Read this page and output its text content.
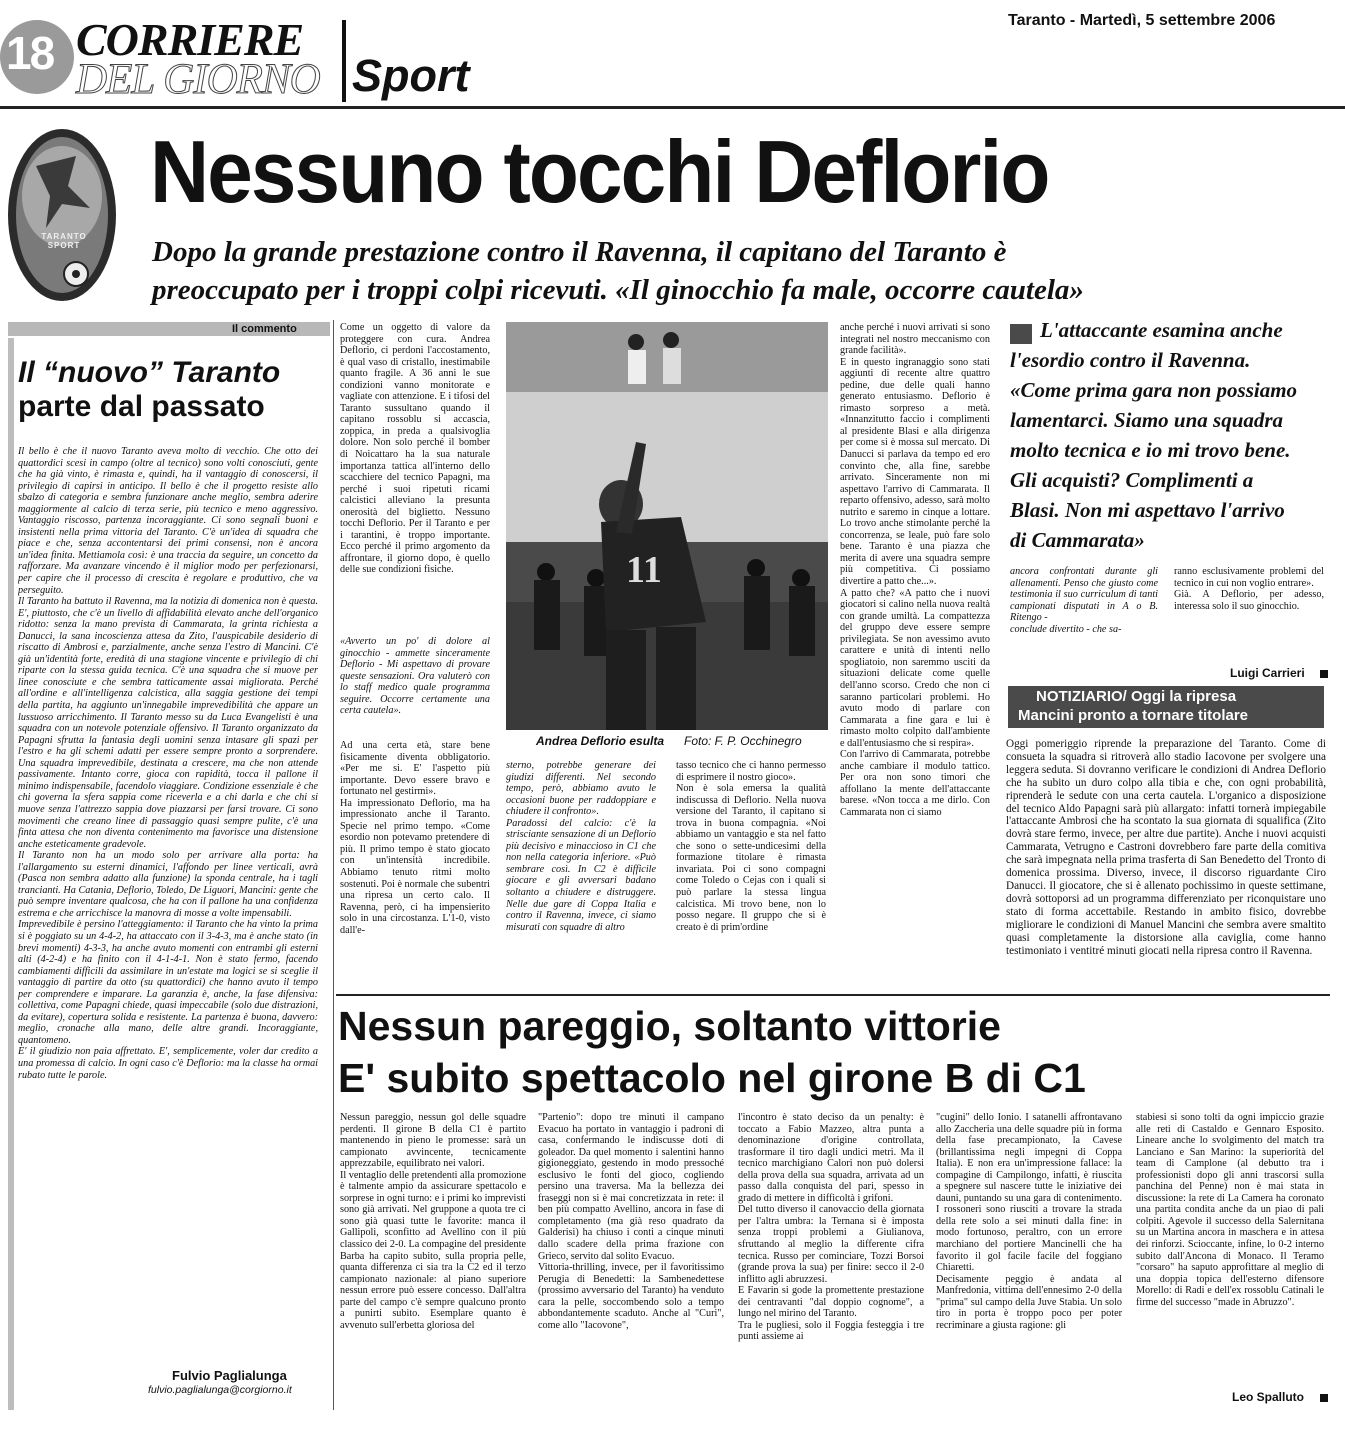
18 CORRIERE
DEL GIORNO Sport
Taranto - Martedì, 5 settembre 2006
TARANTO SPORT
Nessuno tocchi Deflorio
Dopo la grande prestazione contro il Ravenna, il capitano del Taranto è
preoccupato per i troppi colpi ricevuti. «Il ginocchio fa male, occorre cautela»
Il commento
Il “nuovo” Taranto
parte dal passato
Il bello è che il nuovo Taranto aveva molto di vecchio. Che otto dei quattordici scesi in campo (oltre al tecnico) sono volti conosciuti, gente che ha già vinto, è rimasta e, quindi, ha il vantaggio di conoscersi, il privilegio di capirsi in anticipo. Il bello è che il progetto resiste allo sbalzo di categoria e sembra funzionare anche meglio, sembra aderire maggiormente al calcio di terza serie, più tecnico e meno aggressivo. Vantaggio riscosso, partenza incoraggiante. Ci sono segnali buoni e insistenti nella prima vittoria del Taranto. C'è un'idea di squadra che piace e che, senza accontentarsi dei primi consensi, non è ancora un'idea finita. Mettiamola così: è una traccia da seguire, un concetto da rafforzare. Ma avanzare vincendo è il miglior modo per perfezionarsi, per capire che il processo di crescita è regolare e produttivo, che va perseguito.
Il Taranto ha battuto il Ravenna, ma la notizia di domenica non è questa. E', piuttosto, che c'è un livello di affidabilità elevato anche dell'organico ridotto: senza la mano prevista di Cammarata, la grinta richiesta a Danucci, la sana incoscienza attesa da Zito, l'auspicabile desiderio di riscatto di Ambrosi e, parzialmente, anche senza l'estro di Mancini. C'è già un'identità forte, eredità di una stagione vincente e privilegio di chi riparte con la stessa guida tecnica. C'è una squadra che si muove per linee conosciute e che sembra tatticamente assai migliorata. Perché all'ordine e all'intelligenza calcistica, alla saggia gestione dei tempi della partita, ha aggiunto un'innegabile imprevedibilità che appare un lussuoso arricchimento. Il Taranto messo su da Luca Evangelisti è una squadra con un notevole potenziale offensivo. Il Taranto organizzato da Papagni sfrutta la fantasia degli uomini senza intasare gli spazi per l'estro e ha gli schemi adatti per essere sempre pronto a sorprendere. Una squadra imprevedibile, destinata a crescere, ma che non attende passivamente. Intanto corre, gioca con rapidità, tocca il pallone il minimo indispensabile, facendolo viaggiare. Condizione essenziale è che chi governa la sfera sappia come riceverla e a chi darla e che chi si muove senza l'attrezzo sappia dove piazzarsi per farsi trovare. Ci sono movimenti che creano linee di passaggio quasi sempre pulite, c'è una finta attesa che non diventa contenimento ma favorisce una distensione anche esteticamente gradevole.
Il Taranto non ha un modo solo per arrivare alla porta: ha l'allargamento su esterni dinamici, l'affondo per linee verticali, avrà (Pasca non sembra adatto alla funzione) la sponda centrale, ha i tagli trancianti. Ha Catania, Deflorio, Toledo, De Liguori, Mancini: gente che può sempre inventare qualcosa, che ha con il pallone ha una confidenza estrema e che arricchisce la manovra di mosse a volte impensabili.
Imprevedibile è persino l'atteggiamento: il Taranto che ha vinto la prima si è poggiato su un 4-4-2, ha attaccato con il 3-4-3, ma è anche stato (in brevi momenti) 4-3-3, ha anche avuto momenti con entrambi gli esterni alti (4-2-4) e ha finito con il 4-1-4-1. Non è stato fermo, facendo cambiamenti difficili da assimilare in un'estate ma logici se si sceglie il vantaggio di partire da otto (su quattordici) che hanno avuto il tempo per comprendere e imparare. La garanzia è, anche, la fase difensiva: collettiva, come Papagni chiede, quasi impeccabile (solo due distrazioni, da evitare), copertura solida e resistente. La partenza è buona, davvero: meglio, cronache alla mano, delle altre grandi. Incoraggiante, quantomeno.
E' il giudizio non paia affrettato. E', semplicemente, voler dar credito a una promessa di calcio. In ogni caso c'è Deflorio: ma la classe ha ormai rubato tutte le parole.
Fulvio Paglialunga
fulvio.paglialunga@corgiorno.it
Come un oggetto di valore da proteggere con cura. Andrea Deflorio, ci perdoni l'accostamento, è qual vaso di cristallo, inestimabile quanto fragile. A 36 anni le sue condizioni vanno monitorate e vagliate con attenzione. E i tifosi del Taranto sussultano quando il capitano rossoblu si accascia, zoppica, in preda a qualsivoglia dolore. Non solo perché il bomber di Noicattaro ha la sua naturale importanza tattica all'interno dello scacchiere del tecnico Papagni, ma perché i suoi ripetuti ricami calcistici alleviano la presunta onerosità del biglietto. Nessuno tocchi Deflorio. Per il Taranto e per i tarantini, è troppo importante. Ecco perché il primo argomento da affrontare, il giorno dopo, è quello delle sue condizioni fisiche.
«Avverto un po' di dolore al ginocchio - ammette sinceramente Deflorio - Mi aspettavo di provare queste sensazioni. Ora valuterò con lo staff medico quale programma seguire. Occorre certamente una certa cautela».
Ad una certa età, stare bene fisicamente diventa obbligatorio. «Per me si. E' l'aspetto più importante. Devo essere bravo e fortunato nel gestirmi».
Ha impressionato Deflorio, ma ha impressionato anche il Taranto. Specie nel primo tempo. «Come esordio non potevamo pretendere di più. Il primo tempo è stato giocato con un'intensità incredibile. Abbiamo tenuto ritmi molto sostenuti. Poi è normale che subentri una ripresa un certo calo. Il Ravenna, però, ci ha impensierito solo in una circostanza. L'1-0, visto dall'e-
11
Andrea Deflorio esulta Foto: F. P. Occhinegro
sterno, potrebbe generare dei giudizi differenti. Nel secondo tempo, però, abbiamo avuto le occasioni buone per raddoppiare e chiudere il confronto».
Paradossi del calcio: c'è la strisciante sensazione di un Deflorio più decisivo e minaccioso in C1 che non nella categoria inferiore. «Può sembrare così. In C2 è difficile giocare e gli avversari badano soltanto a chiudere e distruggere. Nelle due gare di Coppa Italia e contro il Ravenna, invece, ci siamo misurati con squadre di altro
tasso tecnico che ci hanno permesso di esprimere il nostro gioco».
Non è sola emersa la qualità indiscussa di Deflorio. Nella nuova versione del Taranto, il capitano si trova in buona compagnia. «Noi abbiamo un vantaggio e sta nel fatto che sono o sette-undicesimi della formazione titolare è rimasta invariata. Poi ci sono compagni come Toledo o Cejas con i quali si può parlare la stessa lingua calcistica. Mi trovo bene, non lo posso negare. Il gruppo che si è creato è di prim'ordine
anche perché i nuovi arrivati si sono integrati nel nostro meccanismo con grande facilità».
E in questo ingranaggio sono stati aggiunti di recente altre quattro pedine, due delle quali hanno generato entusiasmo. Deflorio è rimasto sorpreso a metà. «Innanzitutto faccio i complimenti al presidente Blasi e alla dirigenza per come si è mossa sul mercato. Di Danucci si parlava da tempo ed ero convinto che, alla fine, sarebbe arrivato. Sinceramente non mi aspettavo l'arrivo di Cammarata. Il reparto offensivo, adesso, sarà molto nutrito e saremo in cinque a lottare. Lo trovo anche stimolante perché la concorrenza, se leale, può fare solo bene. Taranto è una piazza che merita di avere una squadra sempre più competitiva. Ci possiamo divertire a patto che...».
A patto che? «A patto che i nuovi giocatori si calino nella nuova realtà con grande umiltà. La compattezza del gruppo deve essere sempre privilegiata. Se non avessimo avuto carattere e unità di intenti nello spogliatoio, non saremmo usciti da situazioni delicate come quelle dell'anno scorso. Credo che non ci saranno particolari problemi. Ho avuto modo di parlare con Cammarata a fine gara e lui è rimasto molto colpito dall'ambiente e dall'entusiasmo che si respira».
Con l'arrivo di Cammarata, potrebbe anche cambiare il modulo tattico. Per ora non sono timori che affollano la mente dell'attaccante barese. «Non tocca a me dirlo. Con Cammarata non ci siamo
L'attaccante esamina anche
l'esordio contro il Ravenna.
«Come prima gara non possiamo
lamentarci. Siamo una squadra
molto tecnica e io mi trovo bene.
Gli acquisti? Complimenti a
Blasi. Non mi aspettavo l'arrivo
di Cammarata»
ancora confrontati durante gli allenamenti. Penso che giusto come testimonia il suo curriculum di tanti campionati disputati in A o B. Ritengo -
conclude divertito - che sa-
ranno esclusivamente problemi del tecnico in cui non voglio entrare».
Già. A Deflorio, per adesso, interessa solo il suo ginocchio.
Luigi Carrieri
NOTIZIARIO/ Oggi la ripresa
Mancini pronto a tornare titolare
Oggi pomeriggio riprende la preparazione del Taranto. Come di consueta la squadra si ritroverà allo stadio Iacovone per svolgere una leggera seduta. Si dovranno verificare le condizioni di Andrea Deflorio che ha subito un duro colpo alla tibia e che, con ogni probabilità, riprenderà le sedute con una certa cautela. L'organico a disposizione del tecnico Aldo Papagni sarà più allargato: infatti tornerà impiegabile l'attaccante Ambrosi che ha scontato la sua giornata di squalifica (Zito dovrà stare fermo, invece, per altre due partite). Anche i nuovi acquisti Cammarata, Vetrugno e Castroni dovrebbero fare parte della comitiva che sarà impegnata nella prima trasferta di San Benedetto del Tronto di domenica prossima. Diverso, invece, il discorso riguardante Ciro Danucci. Il giocatore, che si è allenato pochissimo in queste settimane, dovrà sottoporsi ad un programma differenziato per riconquistare uno stato di forma accettabile. Restando in ambito fisico, dovrebbe migliorare le condizioni di Manuel Mancini che sembra avere smaltito quasi completamente la distorsione alla caviglia, come hanno testimoniato i ventitré minuti giocati nella ripresa contro il Ravenna.
Nessun pareggio, soltanto vittorie
E' subito spettacolo nel girone B di C1
Nessun pareggio, nessun gol delle squadre perdenti. Il girone B della C1 è partito mantenendo in pieno le promesse: sarà un campionato avvincente, tecnicamente apprezzabile, equilibrato nei valori.
Il ventaglio delle pretendenti alla promozione è talmente ampio da assicurare spettacolo e sorprese in ogni turno: e i primi ko imprevisti sono già arrivati. Nel gruppone a quota tre ci sono già quasi tutte le favorite: manca il Gallipoli, sconfitto ad Avellino con il più classico dei 2-0. La compagine del presidente Barba ha capito subito, sulla propria pelle, quanta differenza ci sia tra la C2 ed il terzo campionato nazionale: al piano superiore nessun errore può essere concesso. Dall'altra parte del campo c'è sempre qualcuno pronto a punirti subito. Esemplare quanto è avvenuto sull'erbetta gloriosa del
"Partenio": dopo tre minuti il campano Evacuo ha portato in vantaggio i padroni di casa, confermando le indiscusse doti di goleador. Da quel momento i salentini hanno gigioneggiato, gestendo in modo pressoché esclusivo le fonti del gioco, cogliendo persino una traversa. Ma la bellezza dei fraseggi non si è mai concretizzata in rete: il ben più compatto Avellino, ancora in fase di completamento (ma già reso quadrato da Galderisi) ha chiuso i conti a cinque minuti dallo scadere della prima frazione con Grieco, servito dal solito Evacuo.
Vittoria-thrilling, invece, per il favoritissimo Perugia di Benedetti: la Sambenedettese (prossimo avversario del Taranto) ha venduto cara la pelle, soccombendo solo a tempo abbondantemente scaduto. Anche al "Curi", come allo "Iacovone",
l'incontro è stato deciso da un penalty: è toccato a Fabio Mazzeo, altra punta a denominazione d'origine controllata, trasformare il tiro dagli undici metri. Ma il tecnico marchigiano Calori non può dolersi della prova della sua squadra, arrivata ad un passo dalla conquista del pari, spesso in grado di mettere in difficoltà i grifoni.
Del tutto diverso il canovaccio della giornata per l'altra umbra: la Ternana si è imposta senza troppi problemi a Giulianova, sfruttando al meglio la differente cifra tecnica. Russo per cominciare, Tozzi Borsoi (grande prova la sua) per finire: secco il 2-0 inflitto agli abruzzesi.
E Favarin si gode la promettente prestazione dei centravanti "dal doppio cognome", a lungo nel mirino del Taranto.
Tra le pugliesi, solo il Foggia festeggia i tre punti assieme ai
"cugini" dello Ionio. I satanelli affrontavano allo Zaccheria una delle squadre più in forma della fase precampionato, la Cavese (brillantissima negli impegni di Coppa Italia). E non era un'impressione fallace: la compagine di Campilongo, infatti, è riuscita a spegnere sul nascere tutte le iniziative dei dauni, puntando su una gara di contenimento. I rossoneri sono riusciti a trovare la strada della rete solo a sei minuti dalla fine: in modo fortunoso, peraltro, con un errore marchiano del portiere Mancinelli che ha favorito il gol facile facile del foggiano Chiaretti.
Decisamente peggio è andata al Manfredonia, vittima dell'ennesimo 2-0 della "prima" sul campo della Juve Stabia. Un solo tiro in porta è troppo poco per poter recriminare a giusta ragione: gli
stabiesi si sono tolti da ogni impiccio grazie alle reti di Castaldo e Gennaro Esposito. Lineare anche lo svolgimento del match tra Lanciano e San Marino: la superiorità del team di Camplone (al debutto tra i professionisti dopo gli anni trascorsi sulla panchina del Penne) non è mai stata in discussione: la rete di La Camera ha coronato una partita condita anche da un piao di pali colpiti. Agevole il successo della Salernitana su un Martina ancora in maschera e in attesa dei rinforzi. Scioccante, infine, lo 0-2 interno subito dall'Ancona di Monaco. Il Teramo "corsaro" ha saputo approfittare al meglio di una doppia topica dell'esterno difensore Morello: di Radi e dell'ex rossoblu Catinali le firme del successo "made in Abruzzo".
Leo Spalluto
